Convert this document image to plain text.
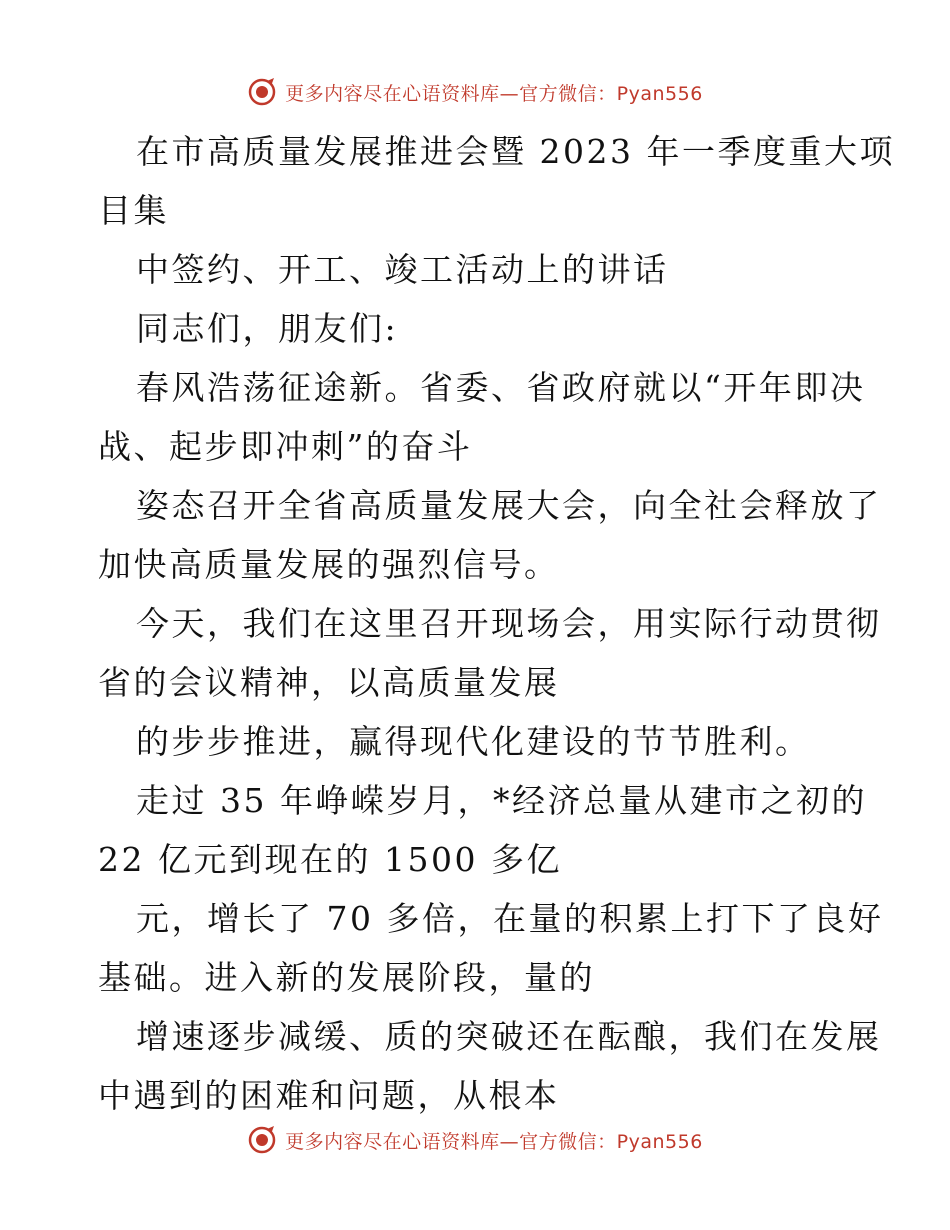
更多内容尽在心语资料库—官方微信：Pyan556

在市高质量发展推进会暨 2023 年一季度重大项

目集

中签约、开工、竣工活动上的讲话

同志们，朋友们:

春风浩荡征途新。省委、省政府就以“开年即决

战、起步即冲刺”的奋斗

姿态召开全省高质量发展大会，向全社会释放了

加快高质量发展的强烈信号。

今天，我们在这里召开现场会，用实际行动贯彻

省的会议精神，以高质量发展

的步步推进，赢得现代化建设的节节胜利。

走过 35 年峥嵘岁月，*经济总量从建市之初的

22 亿元到现在的 1500 多亿

元，增长了 70 多倍，在量的积累上打下了良好

基础。进入新的发展阶段，量的

增速逐步减缓、质的突破还在酝酿，我们在发展

中遇到的困难和问题，从根本

更多内容尽在心语资料库—官方微信：Pyan556
